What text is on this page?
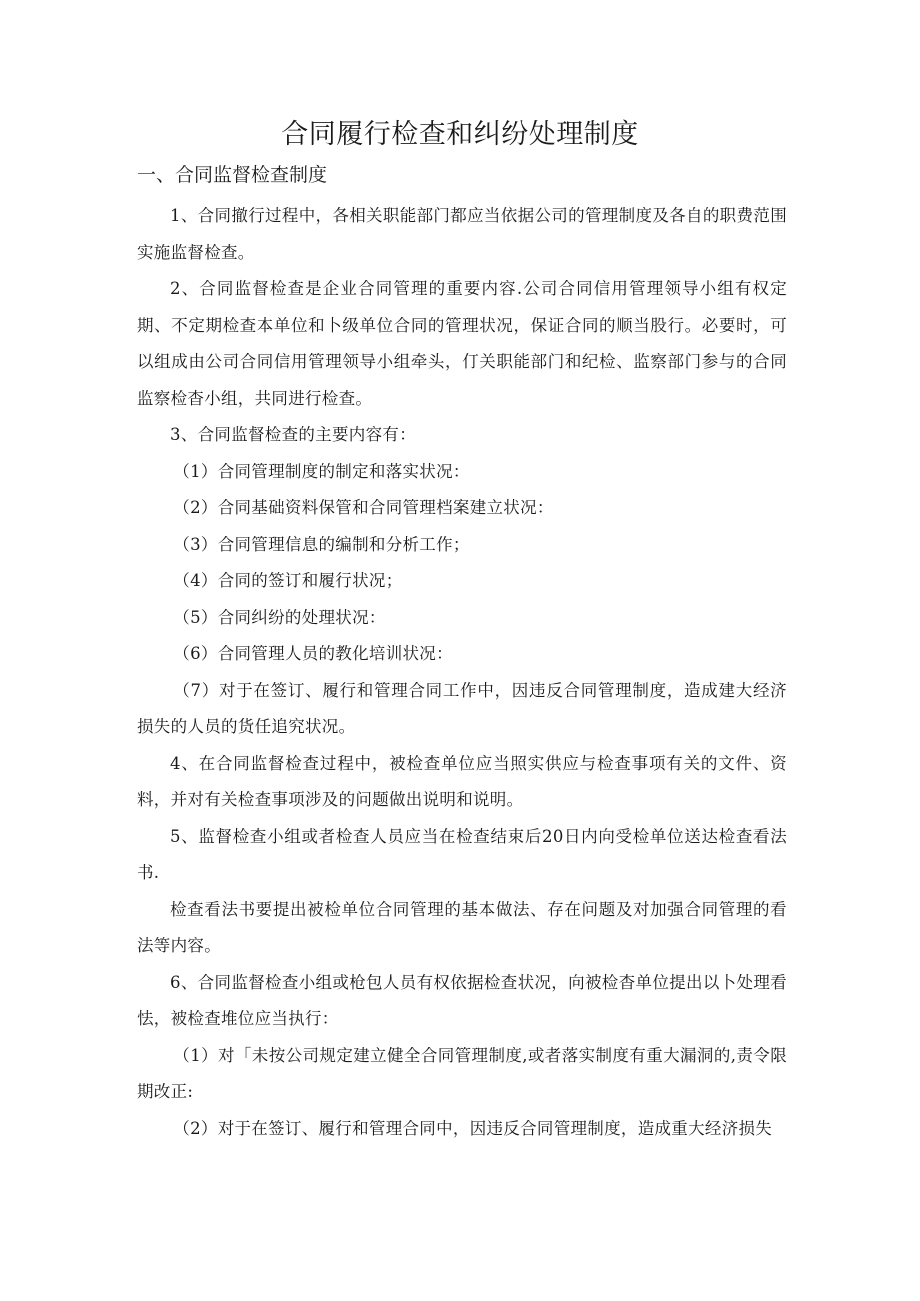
合同履行检查和纠纷处理制度
一、合同监督检查制度

1、合同撤行过程中，各相关职能部门都应当依据公司的管理制度及各自的职费范围实施监督检查。

2、合同监督检查是企业合同管理的重要内容.公司合同信用管理领导小组有权定期、不定期检查本单位和卜级单位合同的管理状况，保证合同的顺当股行。必要时，可以组成由公司合同信用管理领导小组牵头，仃关职能部门和纪检、监察部门参与的合同监察检杳小组，共同进行检查。

3、合同监督检查的主要内容有：

（1）合同管理制度的制定和落实状况：

（2）合同基础资料保管和合同管理档案建立状况：

（3）合同管理信息的编制和分析工作；

（4）合同的签订和履行状况；

（5）合同纠纷的处理状况：

（6）合同管理人员的教化培训状况：

（7）对于在签订、履行和管理合同工作中，因违反合同管理制度，造成建大经济损失的人员的货任追究状况。

4、在合同监督检查过程中，被检查单位应当照实供应与检查事项有关的文件、资料，并对有关检查事项涉及的问题做出说明和说明。

5、监督检查小组或者检查人员应当在检查结束后20日内向受检单位送达检查看法书.

检查看法书要提出被检单位合同管理的基本做法、存在问题及对加强合同管理的看法等内容。

6、合同监督检查小组或枪包人员有权依据检查状况，向被检杳单位提出以卜处理看怯，被检查堆位应当执行：

（1）对「未按公司规定建立健全合同管理制度,或者落实制度有重大漏洞的,责令限期改正:

（2）对于在签订、履行和管理合同中，因违反合同管理制度，造成重大经济损失
